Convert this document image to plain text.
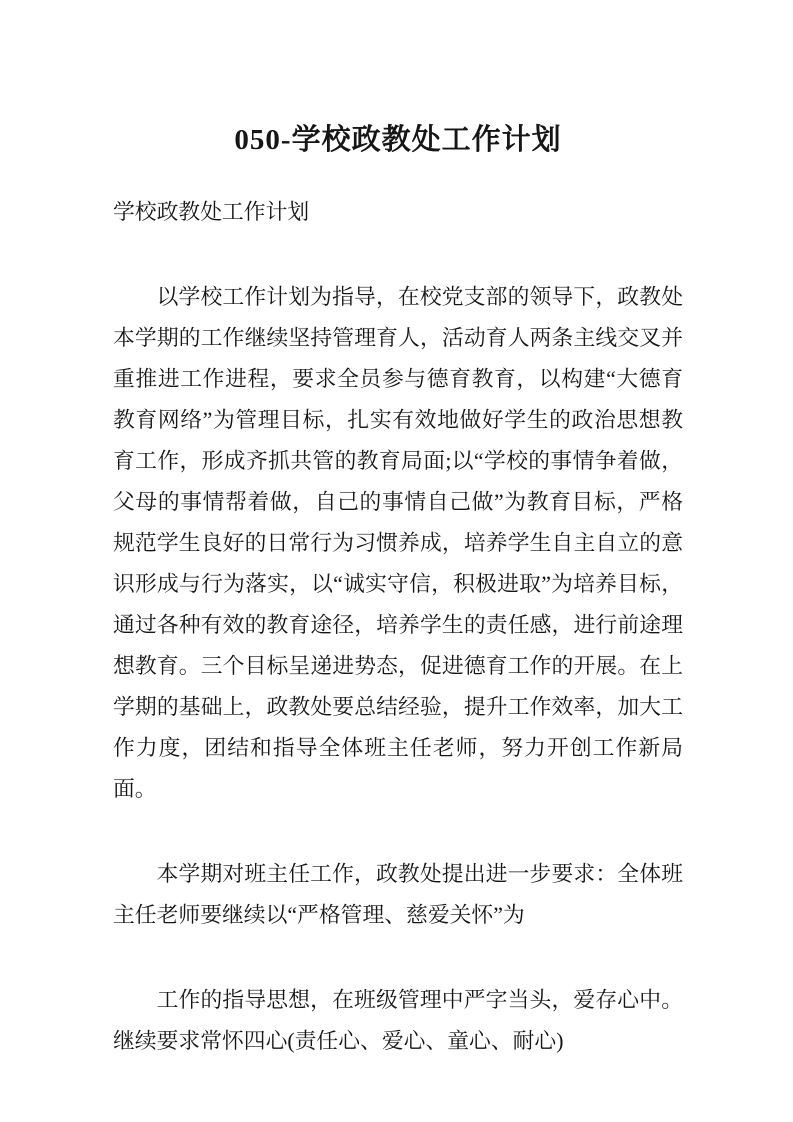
050-学校政教处工作计划

学校政教处工作计划

以学校工作计划为指导，在校党支部的领导下，政教处本学期的工作继续坚持管理育人，活动育人两条主线交叉并重推进工作进程，要求全员参与德育教育，以构建“大德育教育网络”为管理目标，扎实有效地做好学生的政治思想教育工作，形成齐抓共管的教育局面;以“学校的事情争着做，父母的事情帮着做，自己的事情自己做”为教育目标，严格规范学生良好的日常行为习惯养成，培养学生自主自立的意识形成与行为落实，以“诚实守信，积极进取”为培养目标，通过各种有效的教育途径，培养学生的责任感，进行前途理想教育。三个目标呈递进势态，促进德育工作的开展。在上学期的基础上，政教处要总结经验，提升工作效率，加大工作力度，团结和指导全体班主任老师，努力开创工作新局面。

本学期对班主任工作，政教处提出进一步要求：全体班主任老师要继续以“严格管理、慈爱关怀”为

工作的指导思想，在班级管理中严字当头，爱存心中。继续要求常怀四心(责任心、爱心、童心、耐心)
